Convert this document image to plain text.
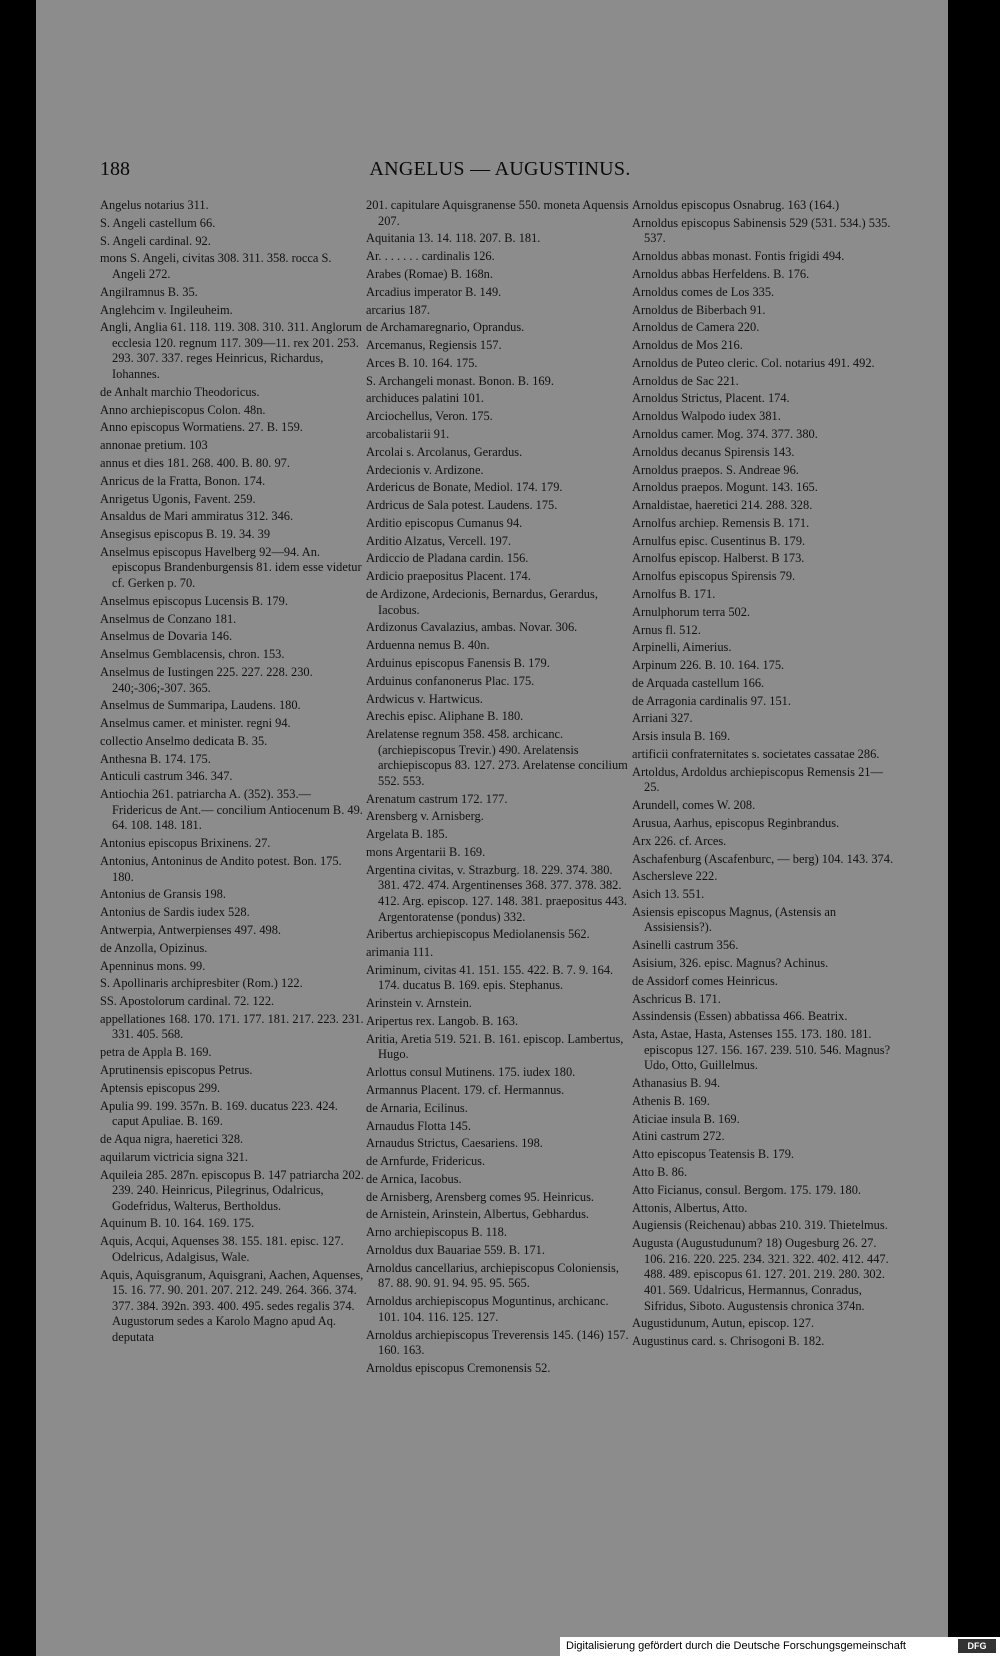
188	ANGELUS — AUGUSTINUS.
Angelus notarius 311.
S. Angeli castellum 66.
S. Angeli cardinal. 92.
mons S. Angeli, civitas 308. 311. 358. rocca S. Angeli 272.
Angilramnus B. 35.
Anglehcim v. Ingileuheim.
Angli, Anglia 61. 118. 119. 308. 310. 311. Anglorum ecclesia 120. regnum 117. 309—11. rex 201. 253. 293. 307. 337. reges Heinricus, Richardus, Iohannes.
de Anhalt marchio Theodoricus.
Anno archiepiscopus Colon. 48n.
Anno episcopus Wormatiens. 27. B. 159.
annonae pretium. 103
annus et dies 181. 268. 400. B. 80. 97.
Anricus de la Fratta, Bonon. 174.
Anrigetus Ugonis, Favent. 259.
Ansaldus de Mari ammiratus 312. 346.
Ansegisus episcopus B. 19. 34. 39
Anselmus episcopus Havelberg 92—94. An. episcopus Brandenburgensis 81. idem esse videtur cf. Gerken p. 70.
Anselmus episcopus Lucensis B. 179.
Anselmus de Conzano 181.
Anselmus de Dovaria 146.
Anselmus Gemblacensis, chron. 153.
Anselmus de Iustingen 225. 227. 228. 230. 240;-306;-307. 365.
Anselmus de Summaripa, Laudens. 180.
Anselmus camer. et minister. regni 94.
collectio Anselmo dedicata B. 35.
Anthesna B. 174. 175.
Anticuli castrum 346. 347.
Antiochia 261. patriarcha A. (352). 353.— Fridericus de Ant.— concilium Antiocenum B. 49. 64. 108. 148. 181.
Antonius episcopus Brixinens. 27.
Antonius, Antoninus de Andito potest. Bon. 175. 180.
Antonius de Gransis 198.
Antonius de Sardis iudex 528.
Antwerpia, Antwerpienses 497. 498.
de Anzolla, Opizinus.
Apenninus mons. 99.
S. Apollinaris archipresbiter (Rom.) 122.
SS. Apostolorum cardinal. 72. 122.
appellationes 168. 170. 171. 177. 181. 217. 223. 231. 331. 405. 568.
petra de Appla B. 169.
Aprutinensis episcopus Petrus.
Aptensis episcopus 299.
Apulia 99. 199. 357n. B. 169. ducatus 223. 424. caput Apuliae. B. 169.
de Aqua nigra, haeretici 328.
aquilarum victricia signa 321.
Aquileia 285. 287n. episcopus B. 147 patriarcha 202. 239. 240. Heinricus, Pilegrinus, Odalricus, Godefridus, Walterus, Bertholdus.
Aquinum B. 10. 164. 169. 175.
Aquis, Acqui, Aquenses 38. 155. 181. episc. 127. Odelricus, Adalgisus, Wale.
Aquis, Aquisgranum, Aquisgrani, Aachen, Aquenses, 15. 16. 77. 90. 201. 207. 212. 249. 264. 366. 374. 377. 384. 392n. 393. 400. 495. sedes regalis 374. Augustorum sedes a Karolo Magno apud Aq. deputata
201. capitulare Aquisgranense 550. moneta Aquensis 207.
Aquitania 13. 14. 118. 207. B. 181.
Ar. . . . . . . cardinalis 126.
Arabes (Romae) B. 168n.
Arcadius imperator B. 149.
arcarius 187.
de Archamaregnario, Oprandus.
Arcemanus, Regiensis 157.
Arces B. 10. 164. 175.
S. Archangeli monast. Bonon. B. 169.
archiduces palatini 101.
Arciochellus, Veron. 175.
arcobalistarii 91.
Arcolai s. Arcolanus, Gerardus.
Ardecionis v. Ardizone.
Ardericus de Bonate, Mediol. 174. 179.
Ardricus de Sala potest. Laudens. 175.
Arditio episcopus Cumanus 94.
Arditio Alzatus, Vercell. 197.
Ardiccio de Pladana cardin. 156.
Ardicio praepositus Placent. 174.
de Ardizone, Ardecionis, Bernardus, Gerardus, Iacobus.
Ardizonus Cavalazius, ambas. Novar. 306.
Arduenna nemus B. 40n.
Arduinus episcopus Fanensis B. 179.
Arduinus confanonerus Plac. 175.
Ardwicus v. Hartwicus.
Arechis episc. Aliphane B. 180.
Arelatense regnum 358. 458. archicanc. (archiepiscopus Trevir.) 490. Arelatensis archiepiscopus 83. 127. 273. Arelatense concilium 552. 553.
Arenatum castrum 172. 177.
Arensberg v. Arnisberg.
Argelata B. 185.
mons Argentarii B. 169.
Argentina civitas, v. Strazburg. 18. 229. 374. 380. 381. 472. 474. Argentinenses 368. 377. 378. 382. 412. Arg. episcop. 127. 148. 381. praepositus 443. Argentoratense (pondus) 332.
Aribertus archiepiscopus Mediolanensis 562.
arimania 111.
Ariminum, civitas 41. 151. 155. 422. B. 7. 9. 164. 174. ducatus B. 169. epis. Stephanus.
Arinstein v. Arnstein.
Aripertus rex. Langob. B. 163.
Aritia, Aretia 519. 521. B. 161. episcop. Lambertus, Hugo.
Arlottus consul Mutinens. 175. iudex 180.
Armannus Placent. 179. cf. Hermannus.
de Arnaria, Ecilinus.
Arnaudus Flotta 145.
Arnaudus Strictus, Caesariens. 198.
de Arnfurde, Fridericus.
de Arnica, Iacobus.
de Arnisberg, Arensberg comes 95. Heinricus.
de Arnistein, Arinstein, Albertus, Gebhardus.
Arno archiepiscopus B. 118.
Arnoldus dux Bauariae 559. B. 171.
Arnoldus cancellarius, archiepiscopus Coloniensis, 87. 88. 90. 91. 94. 95. 95. 565.
Arnoldus archiepiscopus Moguntinus, archicanc. 101. 104. 116. 125. 127.
Arnoldus archiepiscopus Treverensis 145. (146) 157. 160. 163.
Arnoldus episcopus Cremonensis 52.
Arnoldus episcopus Osnabrug. 163 (164.)
Arnoldus episcopus Sabinensis 529 (531. 534.) 535. 537.
Arnoldus abbas monast. Fontis frigidi 494.
Arnoldus abbas Herfeldens. B. 176.
Arnoldus comes de Los 335.
Arnoldus de Biberbach 91.
Arnoldus de Camera 220.
Arnoldus de Mos 216.
Arnoldus de Puteo cleric. Col. notarius 491. 492.
Arnoldus de Sac 221.
Arnoldus Strictus, Placent. 174.
Arnoldus Walpodo iudex 381.
Arnoldus camer. Mog. 374. 377. 380.
Arnoldus decanus Spirensis 143.
Arnoldus praepos. S. Andreae 96.
Arnoldus praepos. Mogunt. 143. 165.
Arnaldistae, haeretici 214. 288. 328.
Arnolfus archiep. Remensis B. 171.
Arnulfus episc. Cusentinus B. 179.
Arnolfus episcop. Halberst. B 173.
Arnolfus episcopus Spirensis 79.
Arnolfus B. 171.
Arnulphorum terra 502.
Arnus fl. 512.
Arpinelli, Aimerius.
Arpinum 226. B. 10. 164. 175.
de Arquada castellum 166.
de Arragonia cardinalis 97. 151.
Arriani 327.
Arsis insula B. 169.
artificii confraternitates s. societates cassatae 286.
Artoldus, Ardoldus archiepiscopus Remensis 21—25.
Arundell, comes W. 208.
Arusua, Aarhus, episcopus Reginbrandus.
Arx 226. cf. Arces.
Aschafenburg (Ascafenburc, — berg) 104. 143. 374.
Aschersleve 222.
Asich 13. 551.
Asiensis episcopus Magnus, (Astensis an Assisiensis?).
Asinelli castrum 356.
Asisium, 326. episc. Magnus? Achinus.
de Assidorf comes Heinricus.
Aschricus B. 171.
Assindensis (Essen) abbatissa 466. Beatrix.
Asta, Astae, Hasta, Astenses 155. 173. 180. 181. episcopus 127. 156. 167. 239. 510. 546. Magnus? Udo, Otto, Guillelmus.
Athanasius B. 94.
Athenis B. 169.
Aticiae insula B. 169.
Atini castrum 272.
Atto episcopus Teatensis B. 179.
Atto B. 86.
Atto Ficianus, consul. Bergom. 175. 179. 180.
Attonis, Albertus, Atto.
Augiensis (Reichenau) abbas 210. 319. Thietelmus.
Augusta (Augustudunum? 18) Ougesburg 26. 27. 106. 216. 220. 225. 234. 321. 322. 402. 412. 447. 488. 489. episcopus 61. 127. 201. 219. 280. 302. 401. 569. Udalricus, Hermannus, Conradus, Sifridus, Siboto. Augustensis chronica 374n.
Augustidunum, Autun, episcop. 127.
Augustinus card. s. Chrisogoni B. 182.
Digitalisierung gefördert durch die Deutsche Forschungsgemeinschaft	DFG
